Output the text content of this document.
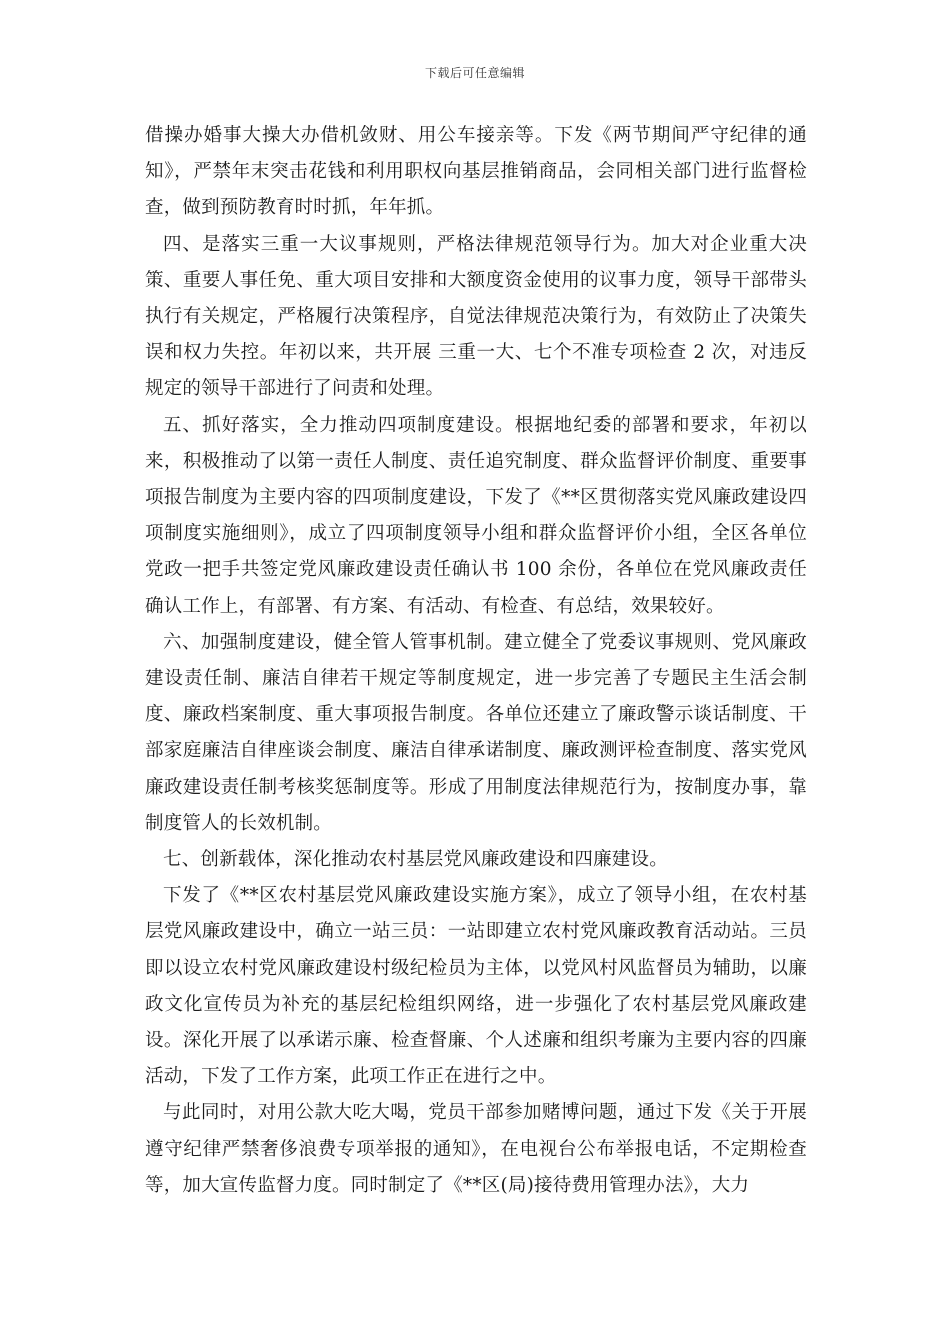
下载后可任意编辑

借操办婚事大操大办借机敛财、用公车接亲等。下发《两节期间严守纪律的通知》，严禁年末突击花钱和利用职权向基层推销商品，会同相关部门进行监督检查，做到预防教育时时抓，年年抓。

四、是落实三重一大议事规则，严格法律规范领导行为。加大对企业重大决策、重要人事任免、重大项目安排和大额度资金使用的议事力度，领导干部带头执行有关规定，严格履行决策程序，自觉法律规范决策行为，有效防止了决策失误和权力失控。年初以来，共开展 三重一大、七个不准专项检查 2 次，对违反规定的领导干部进行了问责和处理。

五、抓好落实，全力推动四项制度建设。根据地纪委的部署和要求，年初以来，积极推动了以第一责任人制度、责任追究制度、群众监督评价制度、重要事项报告制度为主要内容的四项制度建设，下发了《**区贯彻落实党风廉政建设四项制度实施细则》，成立了四项制度领导小组和群众监督评价小组，全区各单位党政一把手共签定党风廉政建设责任确认书 100 余份，各单位在党风廉政责任确认工作上，有部署、有方案、有活动、有检查、有总结，效果较好。

六、加强制度建设，健全管人管事机制。建立健全了党委议事规则、党风廉政建设责任制、廉洁自律若干规定等制度规定，进一步完善了专题民主生活会制度、廉政档案制度、重大事项报告制度。各单位还建立了廉政警示谈话制度、干部家庭廉洁自律座谈会制度、廉洁自律承诺制度、廉政测评检查制度、落实党风廉政建设责任制考核奖惩制度等。形成了用制度法律规范行为，按制度办事，靠制度管人的长效机制。

七、创新载体，深化推动农村基层党风廉政建设和四廉建设。

下发了《**区农村基层党风廉政建设实施方案》，成立了领导小组，在农村基层党风廉政建设中，确立一站三员：一站即建立农村党风廉政教育活动站。三员即以设立农村党风廉政建设村级纪检员为主体，以党风村风监督员为辅助，以廉政文化宣传员为补充的基层纪检组织网络，进一步强化了农村基层党风廉政建设。深化开展了以承诺示廉、检查督廉、个人述廉和组织考廉为主要内容的四廉活动，下发了工作方案，此项工作正在进行之中。

与此同时，对用公款大吃大喝，党员干部参加赌博问题，通过下发《关于开展遵守纪律严禁奢侈浪费专项举报的通知》，在电视台公布举报电话，不定期检查等，加大宣传监督力度。同时制定了《**区(局)接待费用管理办法》，大力
